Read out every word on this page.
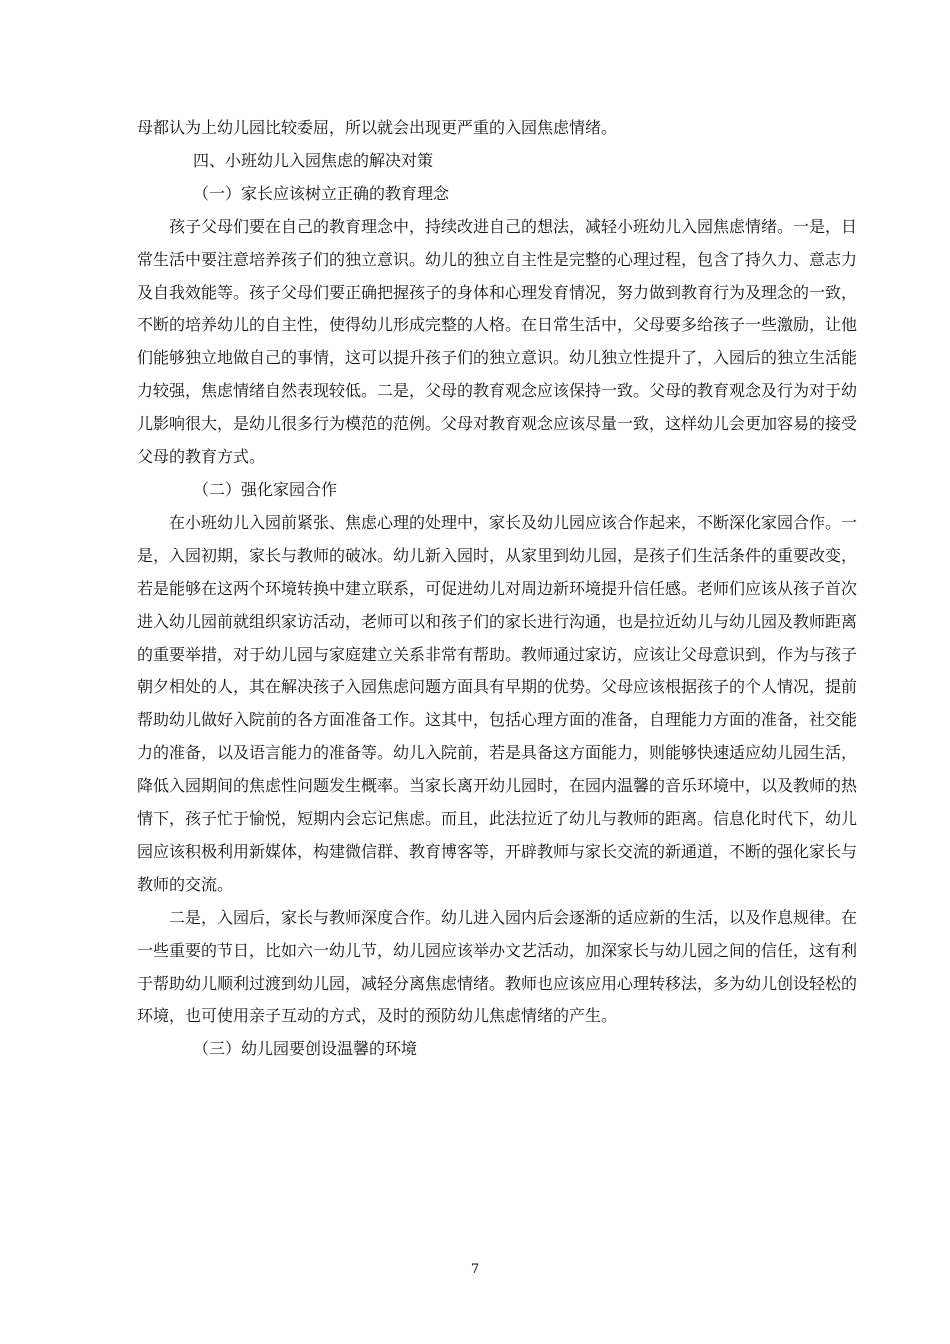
母都认为上幼儿园比较委屈，所以就会出现更严重的入园焦虑情绪。

四、小班幼儿入园焦虑的解决对策

（一）家长应该树立正确的教育理念

孩子父母们要在自己的教育理念中，持续改进自己的想法，减轻小班幼儿入园焦虑情绪。一是，日常生活中要注意培养孩子们的独立意识。幼儿的独立自主性是完整的心理过程，包含了持久力、意志力及自我效能等。孩子父母们要正确把握孩子的身体和心理发育情况，努力做到教育行为及理念的一致，不断的培养幼儿的自主性，使得幼儿形成完整的人格。在日常生活中，父母要多给孩子一些激励，让他们能够独立地做自己的事情，这可以提升孩子们的独立意识。幼儿独立性提升了，入园后的独立生活能力较强，焦虑情绪自然表现较低。二是，父母的教育观念应该保持一致。父母的教育观念及行为对于幼儿影响很大，是幼儿很多行为模范的范例。父母对教育观念应该尽量一致，这样幼儿会更加容易的接受父母的教育方式。

（二）强化家园合作

在小班幼儿入园前紧张、焦虑心理的处理中，家长及幼儿园应该合作起来，不断深化家园合作。一是，入园初期，家长与教师的破冰。幼儿新入园时，从家里到幼儿园，是孩子们生活条件的重要改变，若是能够在这两个环境转换中建立联系，可促进幼儿对周边新环境提升信任感。老师们应该从孩子首次进入幼儿园前就组织家访活动，老师可以和孩子们的家长进行沟通，也是拉近幼儿与幼儿园及教师距离的重要举措，对于幼儿园与家庭建立关系非常有帮助。教师通过家访，应该让父母意识到，作为与孩子朝夕相处的人，其在解决孩子入园焦虑问题方面具有早期的优势。父母应该根据孩子的个人情况，提前帮助幼儿做好入院前的各方面准备工作。这其中，包括心理方面的准备，自理能力方面的准备，社交能力的准备，以及语言能力的准备等。幼儿入院前，若是具备这方面能力，则能够快速适应幼儿园生活，降低入园期间的焦虑性问题发生概率。当家长离开幼儿园时，在园内温馨的音乐环境中，以及教师的热情下，孩子忙于愉悦，短期内会忘记焦虑。而且，此法拉近了幼儿与教师的距离。信息化时代下，幼儿园应该积极利用新媒体，构建微信群、教育博客等，开辟教师与家长交流的新通道，不断的强化家长与教师的交流。

二是，入园后，家长与教师深度合作。幼儿进入园内后会逐渐的适应新的生活，以及作息规律。在一些重要的节日，比如六一幼儿节，幼儿园应该举办文艺活动，加深家长与幼儿园之间的信任，这有利于帮助幼儿顺利过渡到幼儿园，减轻分离焦虑情绪。教师也应该应用心理转移法，多为幼儿创设轻松的环境，也可使用亲子互动的方式，及时的预防幼儿焦虑情绪的产生。

（三）幼儿园要创设温馨的环境

7
